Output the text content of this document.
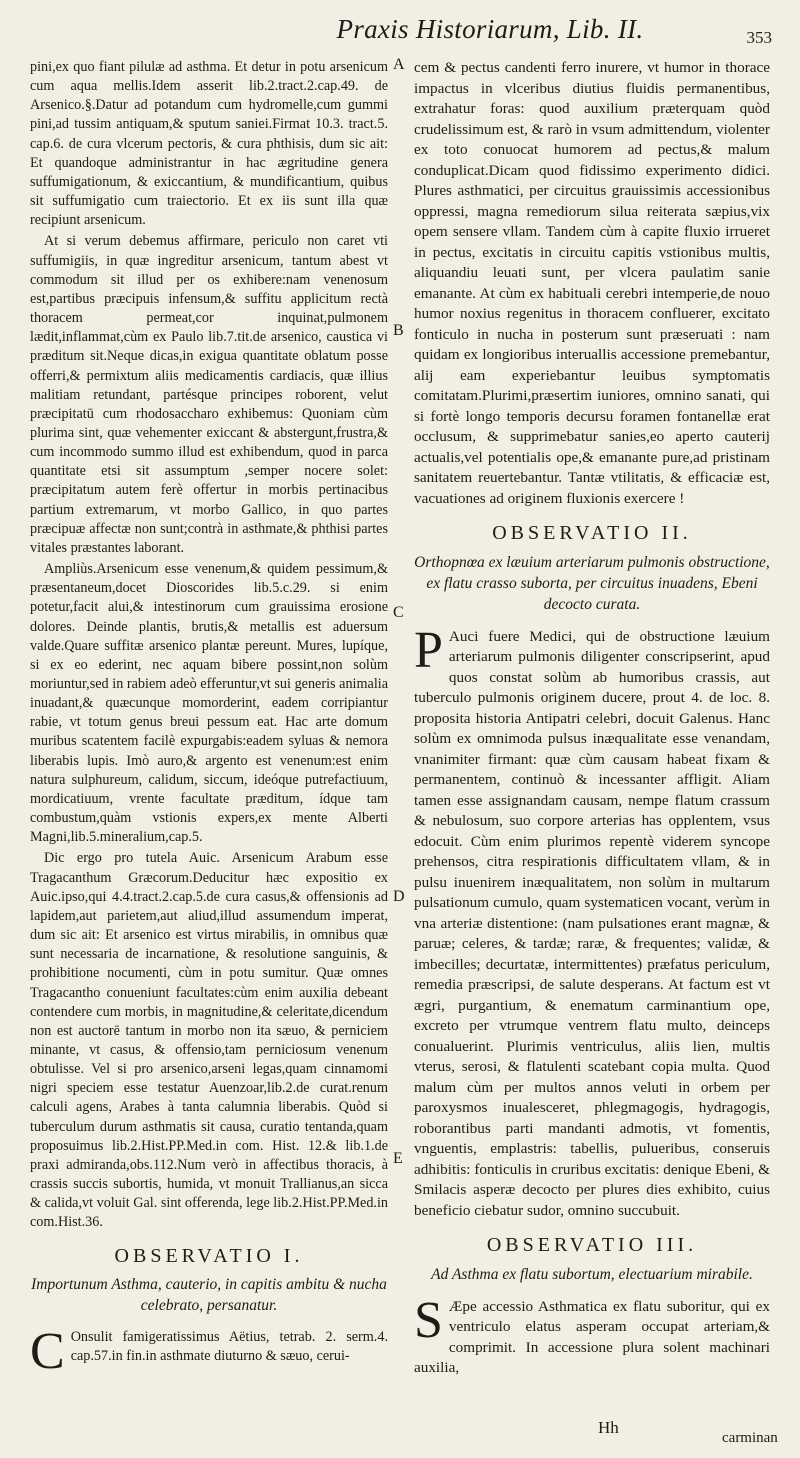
Praxis Historiarum, Lib. II.	353
A
B
C
D
E

pini,ex quo fiant pilulæ ad asthma. Et detur in potu arsenicum cum aqua mellis.Idem asserit lib.2.tract.2.cap.49. de Arsenico.§.Datur ad potandum cum hydromelle,cum gummi pini,ad tussim antiquam,& sputum saniei.Firmat 10.3. tract.5. cap.6. de cura vlcerum pectoris, & cura phthisis, dum sic ait: Et quandoque administrantur in hac ægritudine genera suffumigationum, & exiccantium, & mundificantium, quibus sit suffumigatio cum traiectorio. Et ex iis sunt illa quæ recipiunt arsenicum.

At si verum debemus affirmare, periculo non caret vti suffumigiis, in quæ ingreditur arsenicum, tantum abest vt commodum sit illud per os exhibere:nam venenosum est,partibus præcipuis infensum,& suffitu applicitum rectà thoracem permeat,cor inquinat,pulmonem lædit,inflammat,cùm ex Paulo lib.7.tit.de arsenico, caustica vi præditum sit.Neque dicas,in exigua quantitate oblatum posse offerri,& permixtum aliis medicamentis cardiacis, quæ illius malitiam retundant, partésque principes roborent, velut præcipitatū cum rhodosaccharo exhibemus: Quoniam cùm plurima sint, quæ vehementer exiccant & abstergunt,frustra,& cum incommodo summo illud est exhibendum, quod in parca quantitate etsi sit assumptum ,semper nocere solet: præcipitatum autem ferè offertur in morbis pertinacibus partium extremarum, vt morbo Gallico, in quo partes præcipuæ affectæ non sunt;contrà in asthmate,& phthisi partes vitales præstantes laborant.

Ampliùs.Arsenicum esse venenum,& quidem pessimum,& præsentaneum,docet Dioscorides lib.5.c.29. si enim potetur,facit alui,& intestinorum cum grauissima erosione dolores. Deinde plantis, brutis,& metallis est aduersum valde.Quare suffitæ arsenico plantæ pereunt. Mures, lupíque, si ex eo ederint, nec aquam bibere possint,non solùm moriuntur,sed in rabiem adeò efferuntur,vt sui generis animalia inuadant,& quæcunque momorderint, eadem corripiantur rabie, vt totum genus breui pessum eat. Hac arte domum muribus scatentem facilè expurgabis:eadem syluas & nemora liberabis lupis. Imò auro,& argento est venenum:est enim natura sulphureum, calidum, siccum, ideóque putrefactiuum, mordicatiuum, vrente facultate præditum, ídque tam combustum,quàm vstionis expers,ex mente Alberti Magni,lib.5.mineralium,cap.5.

Dic ergo pro tutela Auic. Arsenicum Arabum esse Tragacanthum Græcorum.Deducitur hæc expositio ex Auic.ipso,qui 4.4.tract.2.cap.5.de cura casus,& offensionis ad lapidem,aut parietem,aut aliud,illud assumendum imperat, dum sic ait: Et arsenico est virtus mirabilis, in omnibus quæ sunt necessaria de incarnatione, & resolutione sanguinis, & prohibitione nocumenti, cùm in potu sumitur. Quæ omnes Tragacantho conueniunt facultates:cùm enim auxilia debeant contendere cum morbis, in magnitudine,& celeritate,dicendum non est auctorē tantum in morbo non ita sæuo, & perniciem minante, vt casus, & offensio,tam perniciosum venenum obtulisse. Vel si pro arsenico,arseni legas,quam cinnamomi nigri speciem esse testatur Auenzoar,lib.2.de curat.renum calculi agens, Arabes à tanta calumnia liberabis. Quòd si tuberculum durum asthmatis sit causa, curatio tentanda,quam proposuimus lib.2.Hist.PP.Med.in com. Hist. 12.& lib.1.de praxi admiranda,obs.112.Num verò in affectibus thoracis, à crassis succis subortis, humida, vt monuit Trallianus,an sicca & calida,vt voluit Gal. sint offerenda, lege lib.2.Hist.PP.Med.in com.Hist.36.

OBSERVATIO I.
Importunum Asthma, cauterio, in capitis ambitu & nucha celebrato, persanatur.

C Onsulit famigeratissimus Aëtius, tetrab. 2. serm.4. cap.57.in fin.in asthmate diuturno & sæuo, cerui-

cem & pectus candenti ferro inurere, vt humor in thorace impactus in vlceribus diutius fluidis permanentibus, extrahatur foras: quod auxilium præterquam quòd crudelissimum est, & rarò in vsum admittendum, violenter ex toto conuocat humorem ad pectus,& malum conduplicat.Dicam quod fidissimo experimento didici. Plures asthmatici, per circuitus grauissimis accessionibus oppressi, magna remediorum silua reiterata sæpius,vix opem sensere vllam. Tandem cùm à capite fluxio irrueret in pectus, excitatis in circuitu capitis vstionibus multis, aliquandiu leuati sunt, per vlcera paulatim sanie emanante. At cùm ex habituali cerebri intemperie,de nouo humor noxius regenitus in thoracem confluerer, excitato fonticulo in nucha in posterum sunt præseruati : nam quidam ex longioribus interuallis accessione premebantur, alij eam experiebantur leuibus symptomatis comitatam.Plurimi,præsertim iuniores, omnino sanati, qui si fortè longo temporis decursu foramen fontanellæ erat occlusum, & supprimebatur sanies,eo aperto cauterij actualis,vel potentialis ope,& emanante pure,ad pristinam sanitatem reuertebantur. Tantæ vtilitatis, & efficaciæ est, vacuationes ad originem fluxionis exercere !

OBSERVATIO II.
Orthopnœa ex læuium arteriarum pulmonis obstructione, ex flatu crasso suborta, per circuitus inuadens, Ebeni decocto curata.

P Auci fuere Medici, qui de obstructione læuium arteriarum pulmonis diligenter conscripserint, apud quos constat solùm ab humoribus crassis, aut tuberculo pulmonis originem ducere, prout 4. de loc. 8. proposita historia Antipatri celebri, docuit Galenus. Hanc solùm ex omnimoda pulsus inæqualitate esse venandam, vnanimiter firmant: quæ cùm causam habeat fixam & permanentem, continuò & incessanter affligit. Aliam tamen esse assignandam causam, nempe flatum crassum & nebulosum, suo corpore arterias has opplentem, vsus edocuit. Cùm enim plurimos repentè viderem syncope prehensos, citra respirationis difficultatem vllam, & in pulsu inuenirem inæqualitatem, non solùm in multarum pulsationum cumulo, quam systematicen vocant, verùm in vna arteriæ distentione: (nam pulsationes erant magnæ, & paruæ; celeres, & tardæ; raræ, & frequentes; validæ, & imbecilles; decurtatæ, intermittentes) præfatus periculum, remedia præscripsi, de salute desperans. At factum est vt ægri, purgantium, & enematum carminantium ope, excreto per vtrumque ventrem flatu multo, deinceps conualuerint. Plurimis ventriculus, aliis lien, multis vterus, serosi, & flatulenti scatebant copia multa. Quod malum cùm per multos annos veluti in orbem per paroxysmos inualesceret, phlegmagogis, hydragogis, roborantibus parti mandanti admotis, vt fomentis, vnguentis, emplastris: tabellis, pulueribus, conseruis adhibitis: fonticulis in cruribus excitatis: denique Ebeni, & Smilacis asperæ decocto per plures dies exhibito, cuius beneficio ciebatur sudor, omnino succubuit.

OBSERVATIO III.
Ad Asthma ex flatu subortum, electuarium mirabile.

S Æpe accessio Asthmatica ex flatu suboritur, qui ex ventriculo elatus asperam occupat arteriam,& comprimit. In accessione plura solent machinari auxilia,

Hh
carminan
